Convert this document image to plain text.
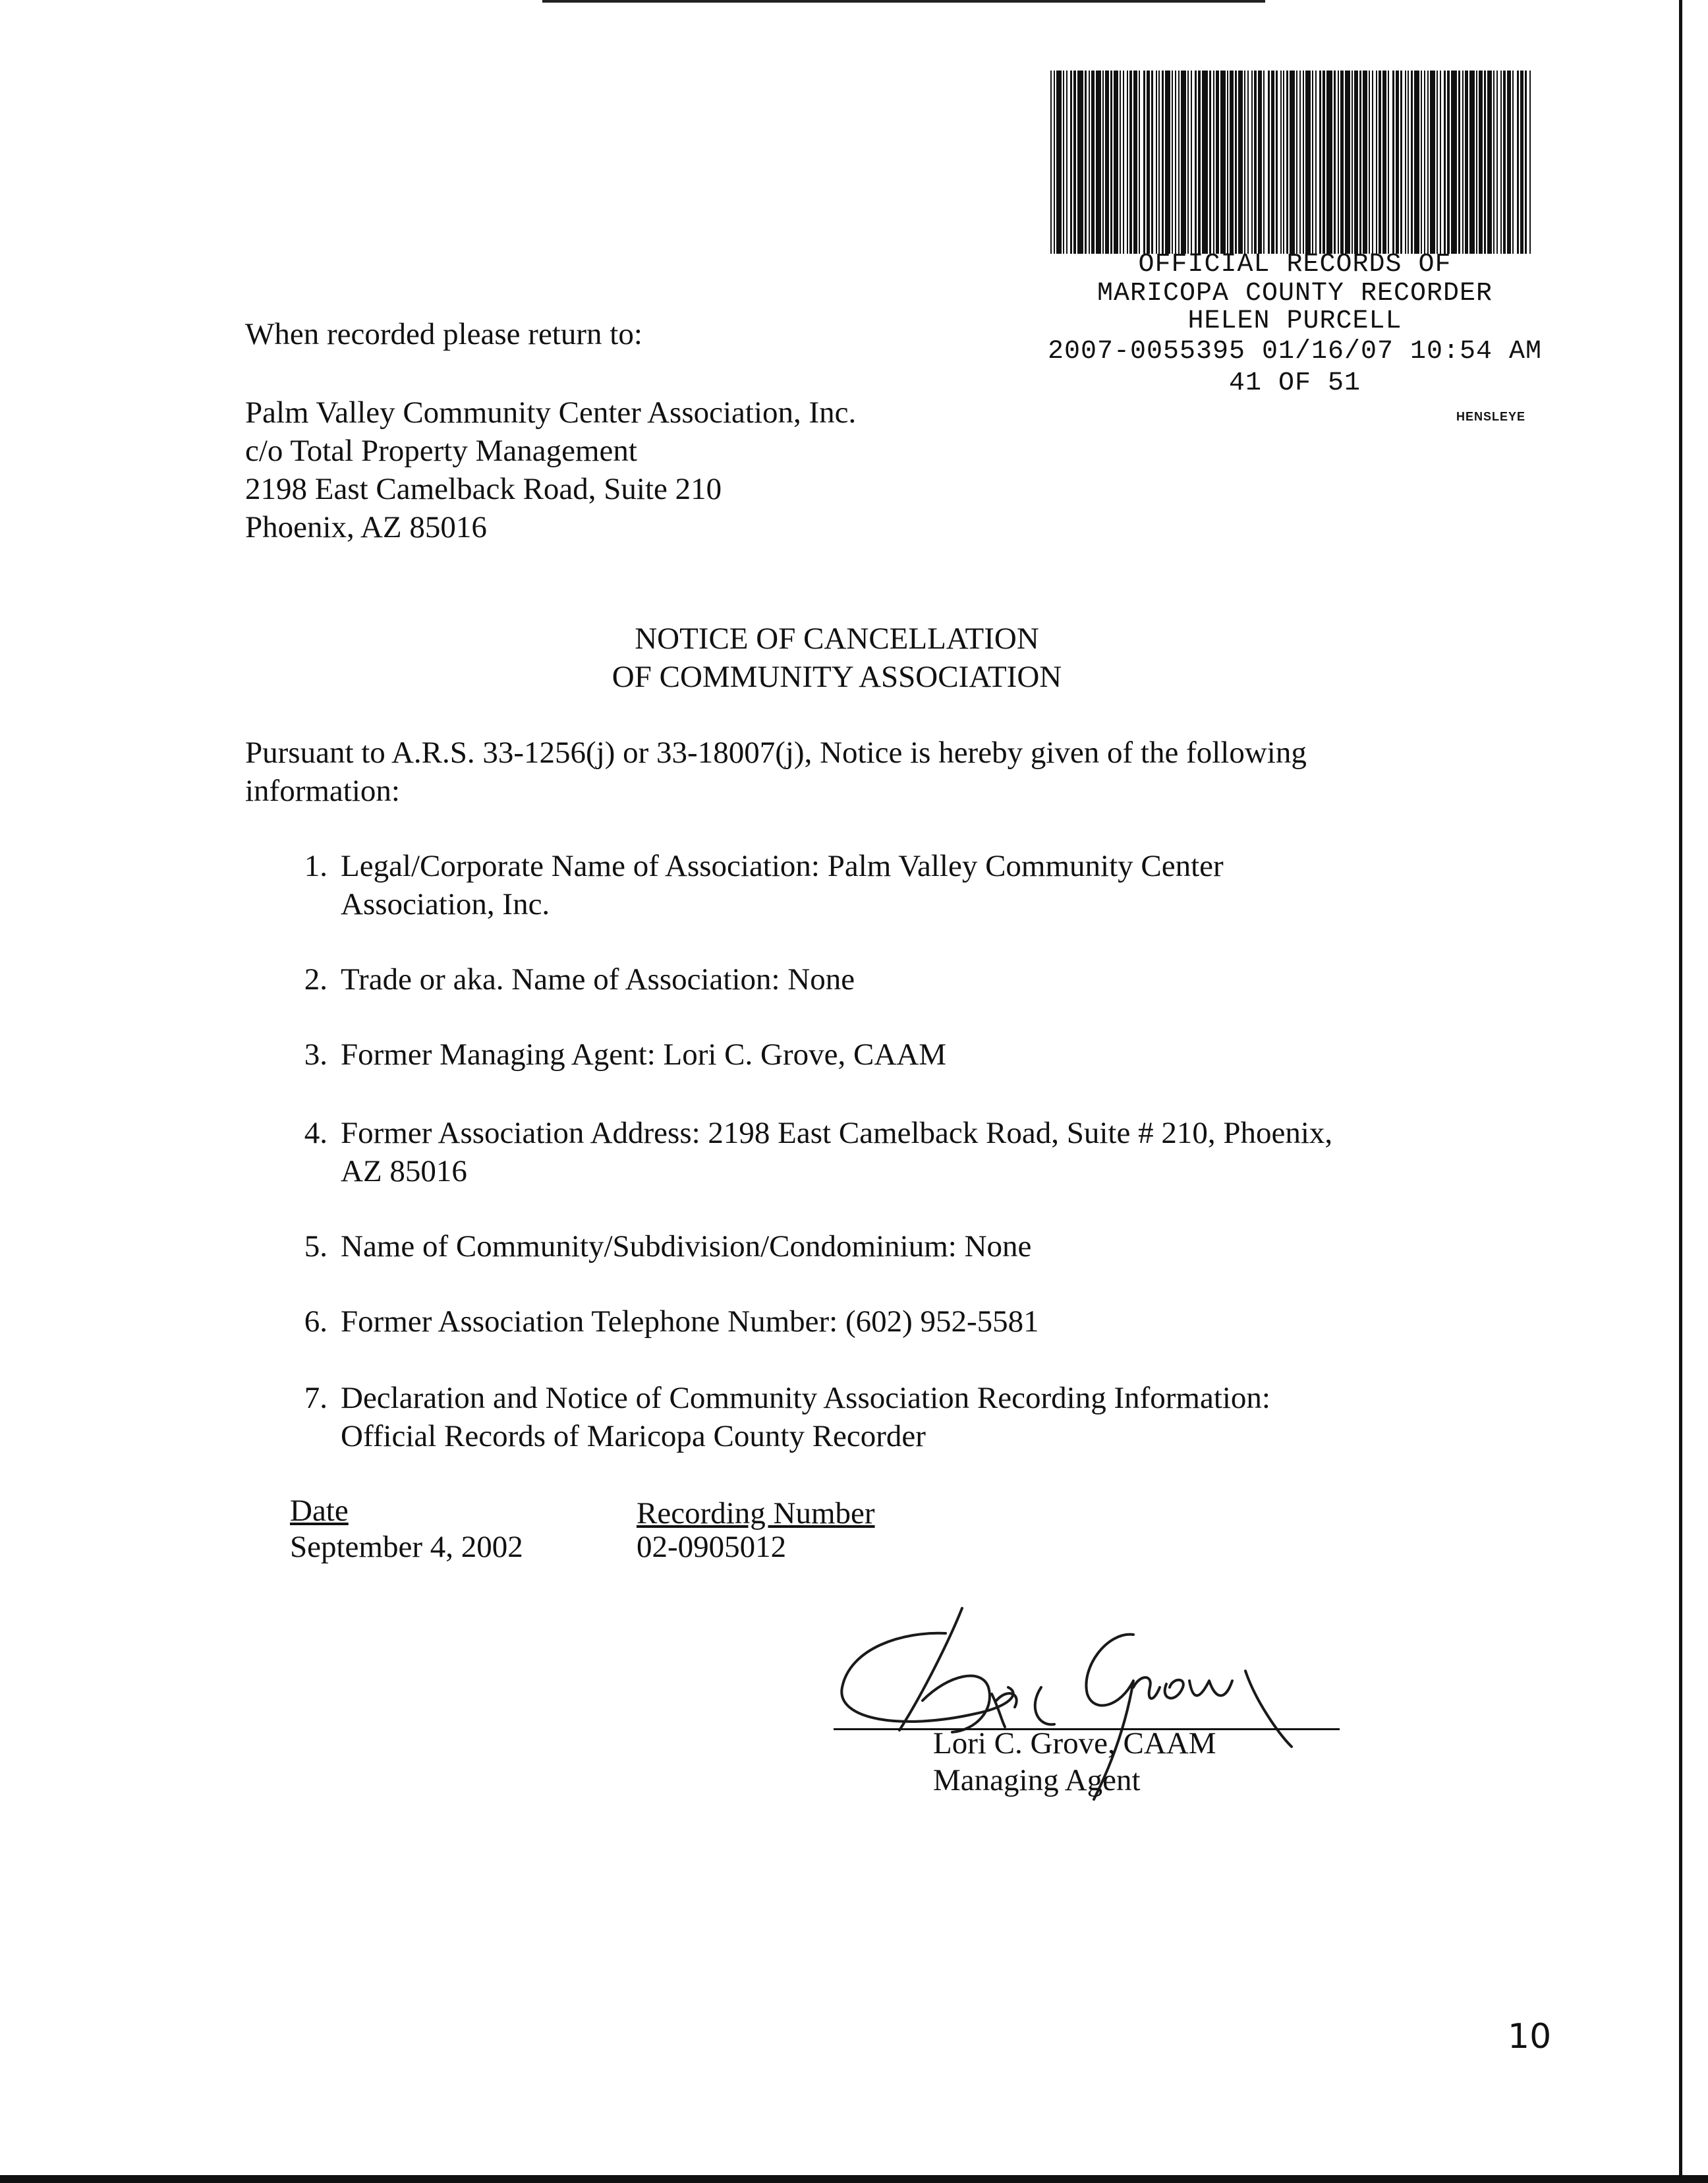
OFFICIAL RECORDS OF
MARICOPA COUNTY RECORDER
HELEN PURCELL
2007-0055395 01/16/07 10:54 AM
41 OF 51
HENSLEYE
When recorded please return to:
Palm Valley Community Center Association, Inc.
c/o Total Property Management
2198 East Camelback Road, Suite 210
Phoenix, AZ 85016
NOTICE OF CANCELLATION
OF COMMUNITY ASSOCIATION
Pursuant to A.R.S. 33-1256(j) or 33-18007(j), Notice is hereby given of the following information:
1. Legal/Corporate Name of Association: Palm Valley Community Center
Association, Inc.
2. Trade or aka. Name of Association: None
3. Former Managing Agent: Lori C. Grove, CAAM
4. Former Association Address: 2198 East Camelback Road, Suite # 210, Phoenix,
AZ 85016
5. Name of Community/Subdivision/Condominium: None
6. Former Association Telephone Number: (602) 952-5581
7. Declaration and Notice of Community Association Recording Information:
Official Records of Maricopa County Recorder
Date
September 4, 2002
Recording Number
02-0905012
Lori C. Grove, CAAM
Managing Agent
10
